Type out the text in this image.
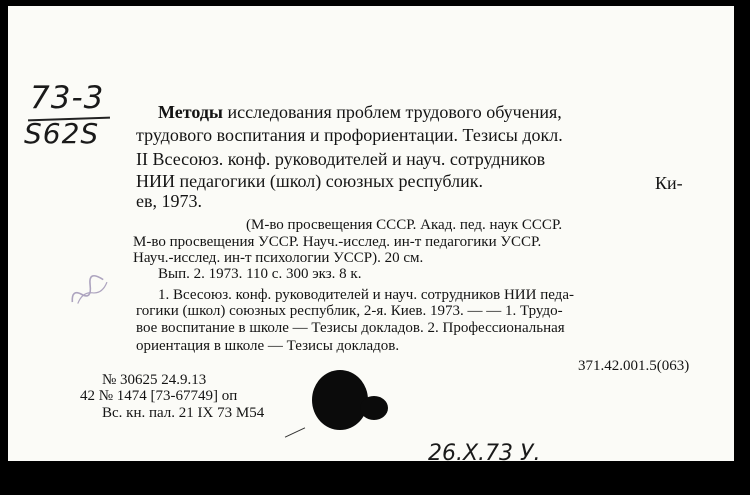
73-3
S62S
Методы исследования проблем трудового обучения,
трудового воспитания и профориентации. Тезисы докл.
II Всесоюз. конф. руководителей и науч. сотрудников
НИИ педагогики (школ) союзных республик.	Ки-
ев, 1973.
(М-во просвещения СССР. Акад. пед. наук СССР.
М-во просвещения УССР. Науч.-исслед. ин-т педагогики УССР.
Науч.-исслед. ин-т психологии УССР). 20 см.
Вып. 2. 1973. 110 с. 300 экз. 8 к.
1. Всесоюз. конф. руководителей и науч. сотрудников НИИ педа-
гогики (школ) союзных республик, 2-я. Киев. 1973. — — 1. Трудо-
вое воспитание в школе — Тезисы докладов. 2. Профессиональная
ориентация в школе — Тезисы докладов.
371.42.001.5(063)
№ 30625 24.9.13
42 № 1474 [73-67749] оп
Вс. кн. пал. 21 IX 73 М54
26.Х.73 У.
